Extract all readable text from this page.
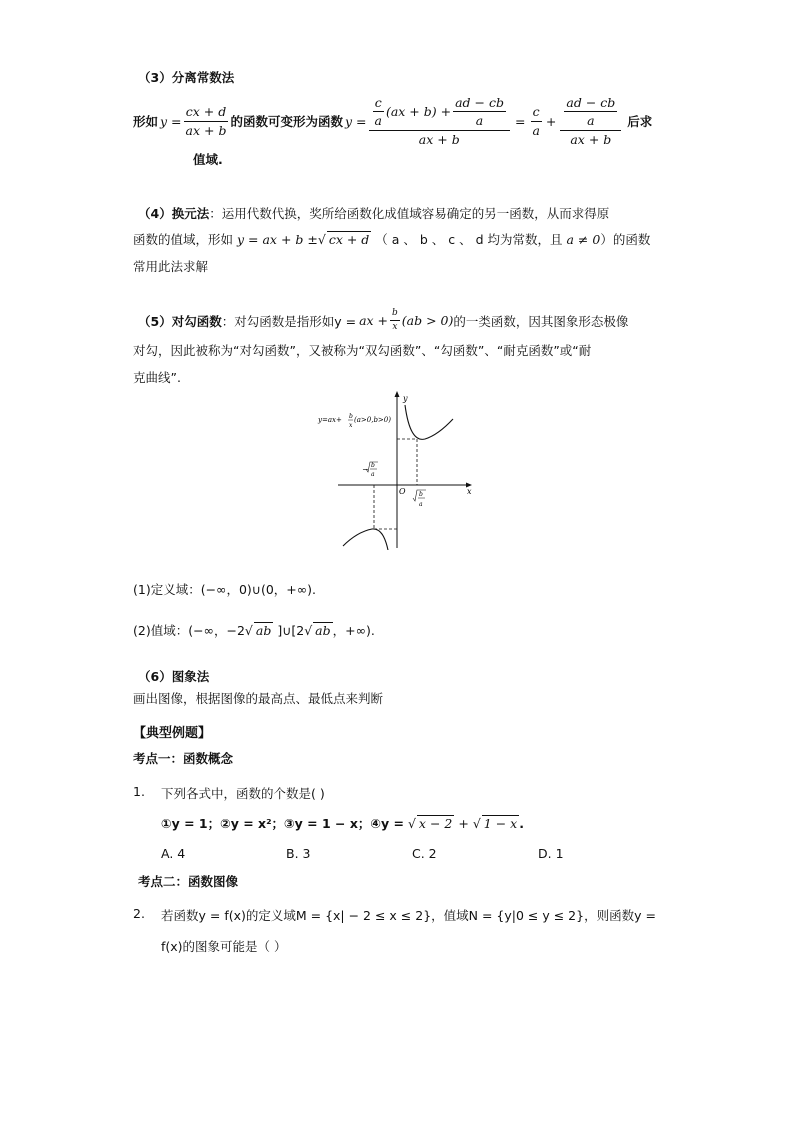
（3）分离常数法
形如 $y = \frac{cx + d}{ax + b}$ 的函数可变形为函数 $y = \frac{c}{a} (ax + b) + \frac{ad - cb}{a}$
ax + b
= $\frac{c}{a} + \frac{\frac{ad - cb}{a}}{ax + b}$ 后求
值域.
（4）换元法：运用代数代换，奖所给函数化成值域容易确定的另一函数，从而求得原
函数的值域，形如 y = ax + b ±√ cx + d （ a 、 b 、 c 、 d 均为常数，且 a ≠ 0）的函数
常用此法求解
（5）对勾函数 ：对勾函数是指形如y = ax + $\frac{b}{x} (ab > 0)$ 的一类函数，因其图象形态极像
对勾，因此被称为“对勾函数”，又被称为“双勾函数”、“勾函数”、“耐克函数”或“耐
克曲线”.
y=ax+ b
x
(a>0,b>0)
y
x
O
− b
a
b
a
(1)定义域：(−∞，0)∪(0，+∞).
(2)值域：(−∞，−2√ ab ]∪[2√ ab ，+∞).
（6）图象法
画出图像，根据图像的最高点、最低点来判断
【典型例题】
考点一：函数概念
1. 下列各式中，函数的个数是( )
①y = 1；②y = x²；③y = 1 − x；④y = √ x − 2 + √ 1 − x .
A. 4	B. 3	C. 2	D. 1
考点二：函数图像
2. 若函数y = f(x)的定义域M = {x| − 2 ≤ x ≤ 2}，值域N = {y|0 ≤ y ≤ 2}，则函数y =
f(x)的图象可能是（ ）
